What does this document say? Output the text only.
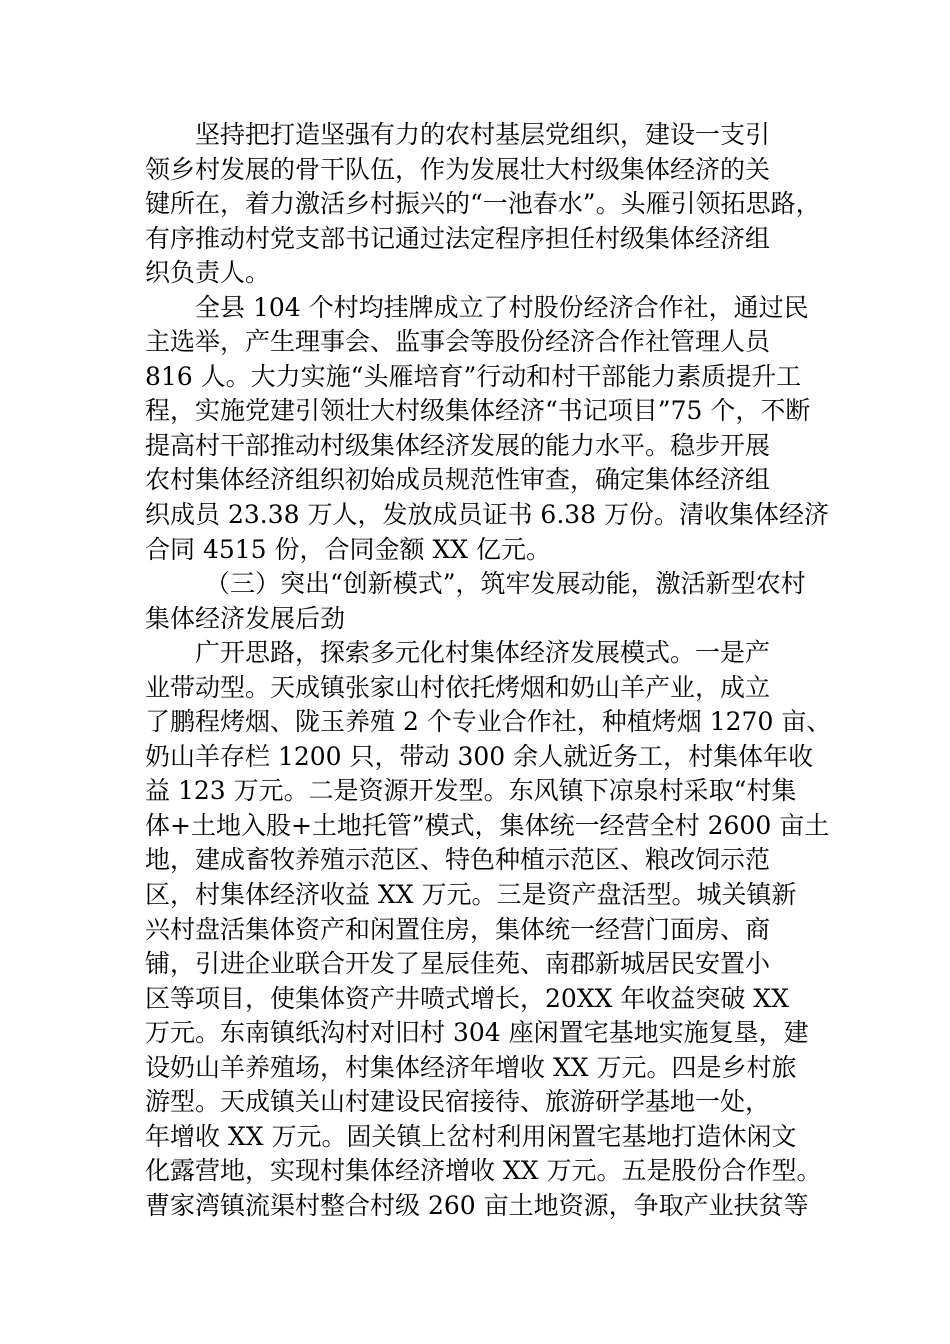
坚持把打造坚强有力的农村基层党组织，建设一支引
领乡村发展的骨干队伍，作为发展壮大村级集体经济的关
键所在，着力激活乡村振兴的“一池春水”。头雁引领拓思路，
有序推动村党支部书记通过法定程序担任村级集体经济组
织负责人。
全县 104 个村均挂牌成立了村股份经济合作社，通过民
主选举，产生理事会、监事会等股份经济合作社管理人员
816 人。大力实施“头雁培育”行动和村干部能力素质提升工
程，实施党建引领壮大村级集体经济“书记项目”75 个，不断
提高村干部推动村级集体经济发展的能力水平。稳步开展
农村集体经济组织初始成员规范性审查，确定集体经济组
织成员 23.38 万人，发放成员证书 6.38 万份。清收集体经济
合同 4515 份，合同金额 XX 亿元。
（三）突出“创新模式”，筑牢发展动能，激活新型农村
集体经济发展后劲
广开思路，探索多元化村集体经济发展模式。一是产
业带动型。天成镇张家山村依托烤烟和奶山羊产业，成立
了鹏程烤烟、陇玉养殖 2 个专业合作社，种植烤烟 1270 亩、
奶山羊存栏 1200 只，带动 300 余人就近务工，村集体年收
益 123 万元。二是资源开发型。东风镇下凉泉村采取“村集
体+土地入股+土地托管”模式，集体统一经营全村 2600 亩土
地，建成畜牧养殖示范区、特色种植示范区、粮改饲示范
区，村集体经济收益 XX 万元。三是资产盘活型。城关镇新
兴村盘活集体资产和闲置住房，集体统一经营门面房、商
铺，引进企业联合开发了星辰佳苑、南郡新城居民安置小
区等项目，使集体资产井喷式增长，20XX 年收益突破 XX
万元。东南镇纸沟村对旧村 304 座闲置宅基地实施复垦，建
设奶山羊养殖场，村集体经济年增收 XX 万元。四是乡村旅
游型。天成镇关山村建设民宿接待、旅游研学基地一处，
年增收 XX 万元。固关镇上岔村利用闲置宅基地打造休闲文
化露营地，实现村集体经济增收 XX 万元。五是股份合作型。
曹家湾镇流渠村整合村级 260 亩土地资源，争取产业扶贫等
